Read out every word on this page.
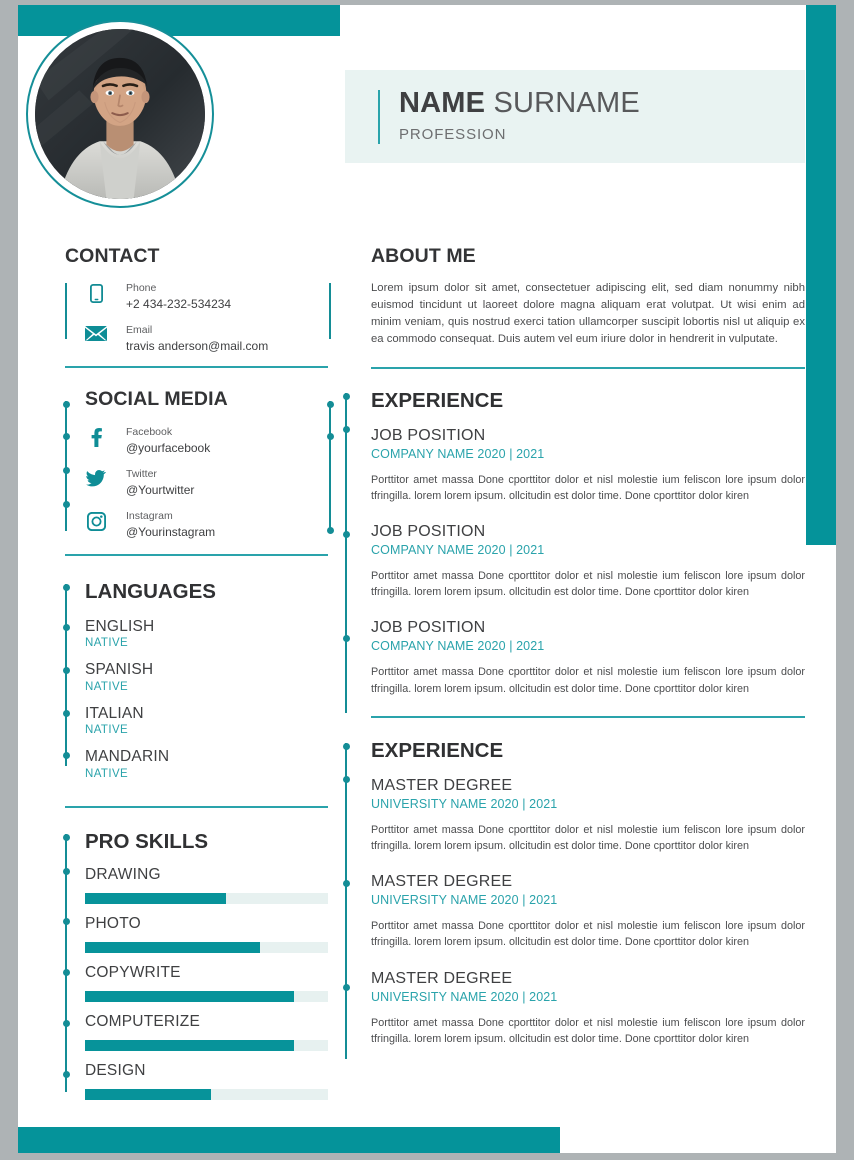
NAME SURNAME
PROFESSION
CONTACT
Phone
+2 434-232-534234
Email
travis anderson@mail.com
SOCIAL MEDIA
Facebook
@yourfacebook
Twitter
@Yourtwitter
Instagram
@Yourinstagram
LANGUAGES
ENGLISH
NATIVE
SPANISH
NATIVE
ITALIAN
NATIVE
MANDARIN
NATIVE
PRO SKILLS
DRAWING
PHOTO
COPYWRITE
COMPUTERIZE
DESIGN
ABOUT ME
Lorem ipsum dolor sit amet, consectetuer adipiscing elit, sed diam nonummy nibh euismod tincidunt ut laoreet dolore magna aliquam erat volutpat. Ut wisi enim ad minim veniam, quis nostrud exerci tation ullamcorper suscipit lobortis nisl ut aliquip ex ea commodo consequat. Duis autem vel eum iriure dolor in hendrerit in vulputate.
EXPERIENCE
JOB POSITION
COMPANY NAME 2020 | 2021
Porttitor amet massa Done cporttitor dolor et nisl molestie ium feliscon lore ipsum dolor tfringilla. lorem lorem ipsum. ollcitudin est dolor time. Done cporttitor dolor kiren
JOB POSITION
COMPANY NAME 2020 | 2021
Porttitor amet massa Done cporttitor dolor et nisl molestie ium feliscon lore ipsum dolor tfringilla. lorem lorem ipsum. ollcitudin est dolor time. Done cporttitor dolor kiren
JOB POSITION
COMPANY NAME 2020 | 2021
Porttitor amet massa Done cporttitor dolor et nisl molestie ium feliscon lore ipsum dolor tfringilla. lorem lorem ipsum. ollcitudin est dolor time. Done cporttitor dolor kiren
EXPERIENCE
MASTER DEGREE
UNIVERSITY NAME 2020 | 2021
Porttitor amet massa Done cporttitor dolor et nisl molestie ium feliscon lore ipsum dolor tfringilla. lorem lorem ipsum. ollcitudin est dolor time. Done cporttitor dolor kiren
MASTER DEGREE
UNIVERSITY NAME 2020 | 2021
Porttitor amet massa Done cporttitor dolor et nisl molestie ium feliscon lore ipsum dolor tfringilla. lorem lorem ipsum. ollcitudin est dolor time. Done cporttitor dolor kiren
MASTER DEGREE
UNIVERSITY NAME 2020 | 2021
Porttitor amet massa Done cporttitor dolor et nisl molestie ium feliscon lore ipsum dolor tfringilla. lorem lorem ipsum. ollcitudin est dolor time. Done cporttitor dolor kiren
